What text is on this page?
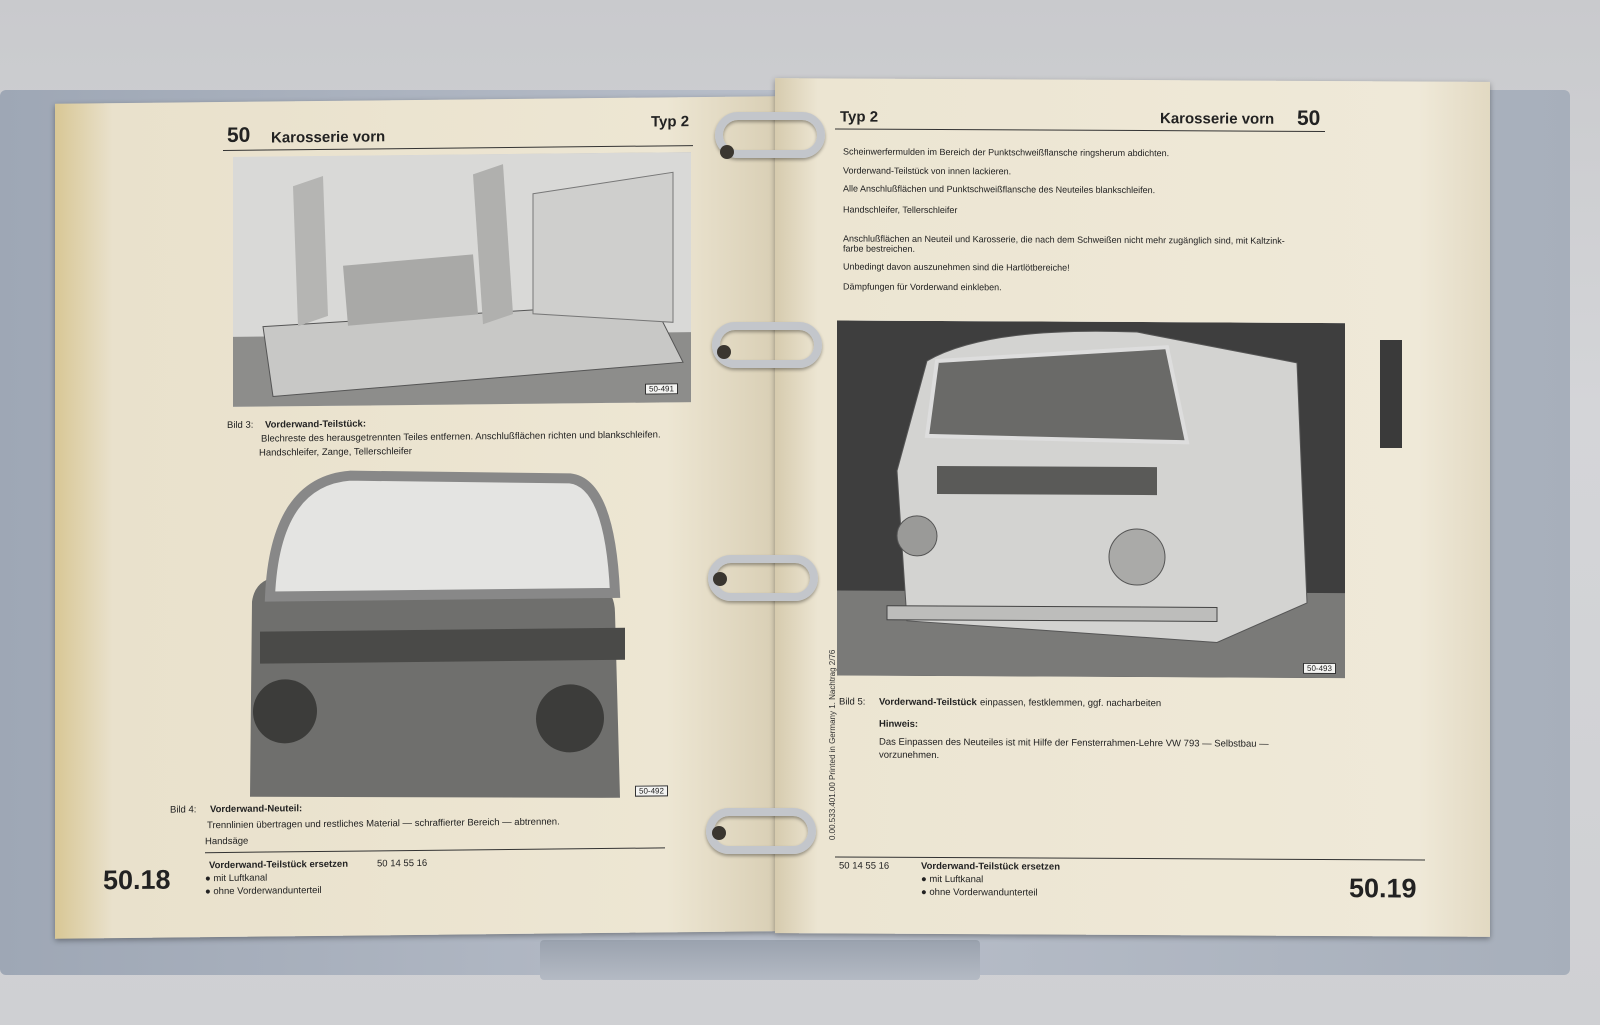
50 Karosserie vorn
Typ 2
50-491
Bild 3: Vorderwand-Teilstück:
Blechreste des herausgetrennten Teiles entfernen. Anschlußflächen richten und blankschleifen.
Handschleifer, Zange, Tellerschleifer
50-492
Bild 4: Vorderwand-Neuteil:
Trennlinien übertragen und restliches Material — schraffierter Bereich — abtrennen.
Handsäge
50.18	Vorderwand-Teilstück ersetzen	50 14 55 16
● mit Luftkanal
● ohne Vorderwandunterteil
Typ 2	Karosserie vorn 50
Scheinwerfermulden im Bereich der Punktschweißflansche ringsherum abdichten.
Vorderwand-Teilstück von innen lackieren.
Alle Anschlußflächen und Punktschweißflansche des Neuteiles blankschleifen.
Handschleifer, Tellerschleifer
Anschlußflächen an Neuteil und Karosserie, die nach dem Schweißen nicht mehr zugänglich sind, mit Kaltzink-
farbe bestreichen.
Unbedingt davon auszunehmen sind die Hartlötbereiche!
Dämpfungen für Vorderwand einkleben.
50-493
Bild 5: Vorderwand-Teilstück einpassen, festklemmen, ggf. nacharbeiten
Hinweis:
Das Einpassen des Neuteiles ist mit Hilfe der Fensterrahmen-Lehre VW 793 — Selbstbau —
vorzunehmen.
50 14 55 16	Vorderwand-Teilstück ersetzen
● mit Luftkanal
● ohne Vorderwandunterteil	50.19
0.00.533.401.00 Printed in Germany 1. Nachtrag 2/76
